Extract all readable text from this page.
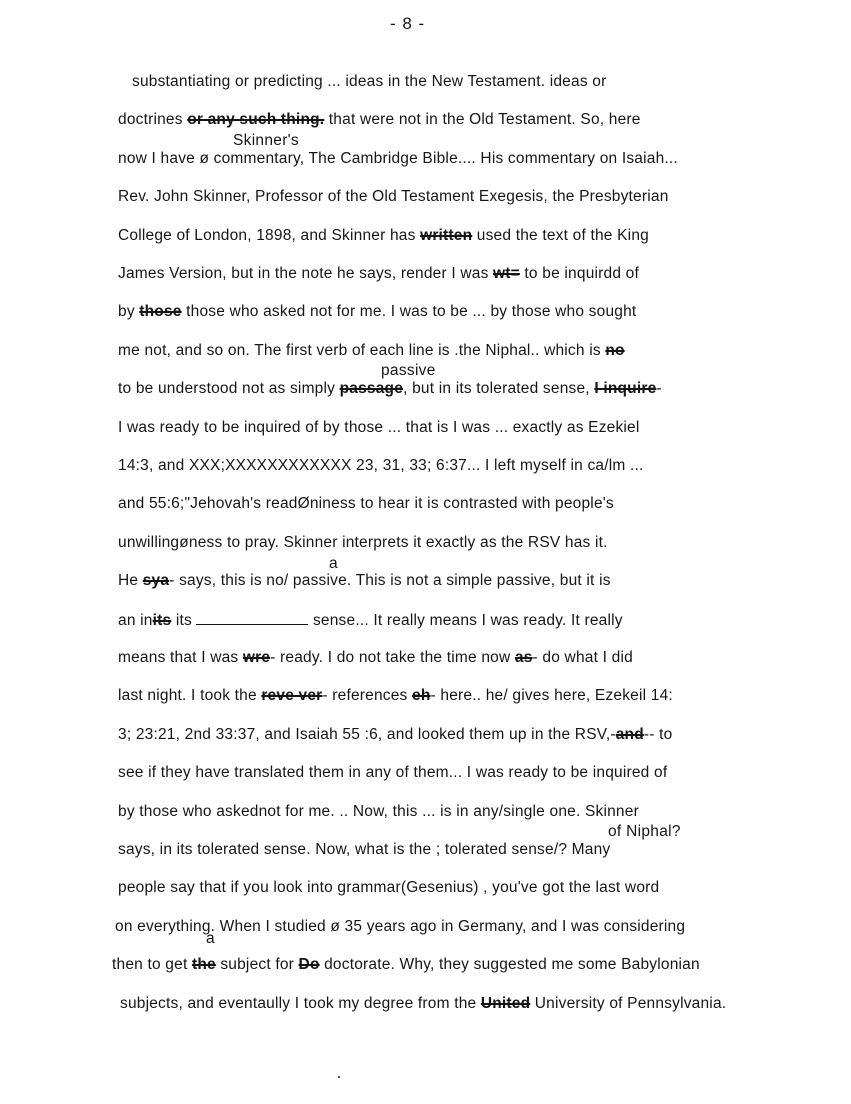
- 8 -
Skinner's
passive
a
of Niphal?
a
substantiating or predicting ... ideas in the New Testament. ideas or
doctrines or any such thing. that were not in the Old Testament. So, here
now I have ø commentary, The Cambridge Bible.... His commentary on Isaiah...
Rev. John Skinner, Professor of the Old Testament Exegesis, the Presbyterian
College of London, 1898, and Skinner has written used the text of the King
James Version, but in the note he says, render I was wt= to be inquirdd of
by those those who asked not for me. I was to be ... by those who sought
me not, and so on. The first verb of each line is .the Niphal.. which is no
to be understood not as simply passage, but in its tolerated sense, I inquire-
I was ready to be inquired of by those ... that is I was ... exactly as Ezekiel
14:3, and XXX;XXXXXXXXXXXX 23, 31, 33; 6:37... I left myself in ca/lm ...
and 55:6;"Jehovah's readØniness to hear it is contrasted with people's
unwillingøness to pray. Skinner interprets it exactly as the RSV has it.
He sya- says, this is no/ passive. This is not a simple passive, but it is
an inits its	sense... It really means I was ready. It really
means that I was wre- ready. I do not take the time now as- do what I did
last night. I took the reve ver- references eh- here.. he/ gives here, Ezekeil 14:
3; 23:21, 2nd 33:37, and Isaiah 55 :6, and looked them up in the RSV,-and-- to
see if they have translated them in any of them... I was ready to be inquired of
by those who askednot for me. .. Now, this ... is in any/single one. Skinner
says, in its tolerated sense. Now, what is the ; tolerated sense/? Many
people say that if you look into grammar(Gesenius) , you've got the last word
on everything. When I studied ø 35 years ago in Germany, and I was considering
then to get the subject for Do doctorate. Why, they suggested me some Babylonian
subjects, and eventaully I took my degree from the United University of Pennsylvania.
